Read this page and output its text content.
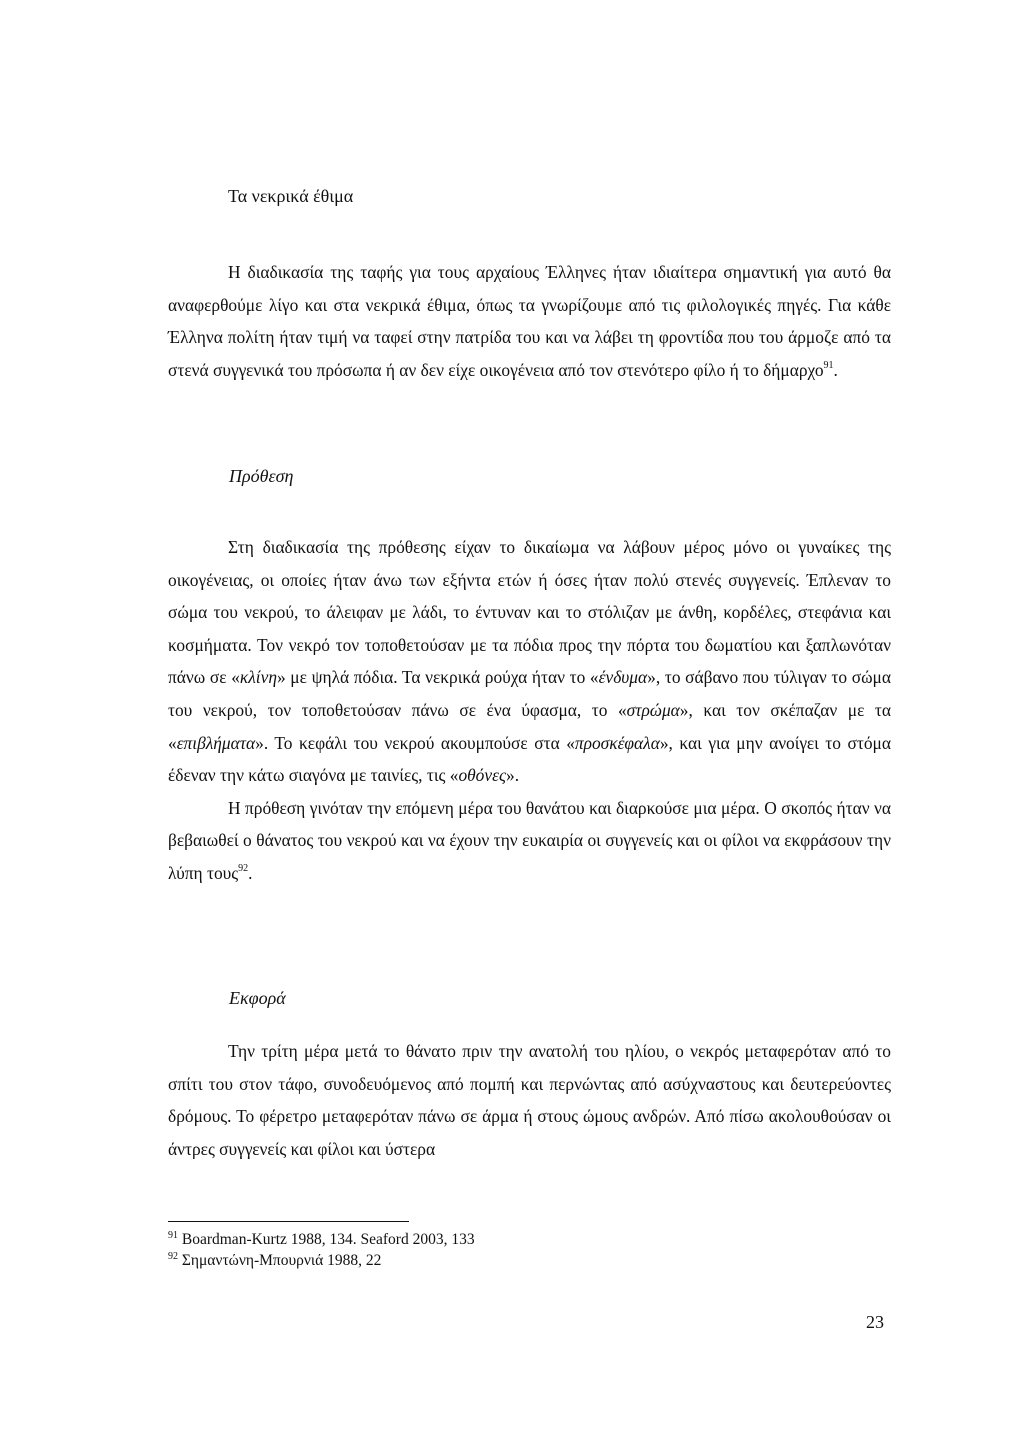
Τα νεκρικά έθιμα

Η διαδικασία της ταφής για τους αρχαίους Έλληνες ήταν ιδιαίτερα σημαντική για αυτό θα αναφερθούμε λίγο και στα νεκρικά έθιμα, όπως τα γνωρίζουμε από τις φιλολογικές πηγές. Για κάθε Έλληνα πολίτη ήταν τιμή να ταφεί στην πατρίδα του και να λάβει τη φροντίδα που του άρμοζε από τα στενά συγγενικά του πρόσωπα ή αν δεν είχε οικογένεια από τον στενότερο φίλο ή το δήμαρχο$^{91}$.

Πρόθεση

Στη διαδικασία της πρόθεσης είχαν το δικαίωμα να λάβουν μέρος μόνο οι γυναίκες της οικογένειας, οι οποίες ήταν άνω των εξήντα ετών ή όσες ήταν πολύ στενές συγγενείς. Έπλεναν το σώμα του νεκρού, το άλειφαν με λάδι, το έντυναν και το στόλιζαν με άνθη, κορδέλες, στεφάνια και κοσμήματα. Τον νεκρό τον τοποθετούσαν με τα πόδια προς την πόρτα του δωματίου και ξαπλωνόταν πάνω σε «κλίνη» με ψηλά πόδια. Τα νεκρικά ρούχα ήταν το «ένδυμα», το σάβανο που τύλιγαν το σώμα του νεκρού, τον τοποθετούσαν πάνω σε ένα ύφασμα, το «στρώμα», και τον σκέπαζαν με τα «επιβλήματα». Το κεφάλι του νεκρού ακουμπούσε στα «προσκέφαλα», και για μην ανοίγει το στόμα έδεναν την κάτω σιαγόνα με ταινίες, τις «οθόνες».

Η πρόθεση γινόταν την επόμενη μέρα του θανάτου και διαρκούσε μια μέρα. Ο σκοπός ήταν να βεβαιωθεί ο θάνατος του νεκρού και να έχουν την ευκαιρία οι συγγενείς και οι φίλοι να εκφράσουν την λύπη τους$^{92}$.

Εκφορά

Την τρίτη μέρα μετά το θάνατο πριν την ανατολή του ηλίου, ο νεκρός μεταφερόταν από το σπίτι του στον τάφο, συνοδευόμενος από πομπή και περνώντας από ασύχναστους και δευτερεύοντες δρόμους. Το φέρετρο μεταφερόταν πάνω σε άρμα ή στους ώμους ανδρών. Από πίσω ακολουθούσαν οι άντρες συγγενείς και φίλοι και ύστερα

$^{91}$ Boardman-Kurtz 1988, 134. Seaford 2003, 133
$^{92}$ Σημαντώνη-Μπουρνιά 1988, 22
23
